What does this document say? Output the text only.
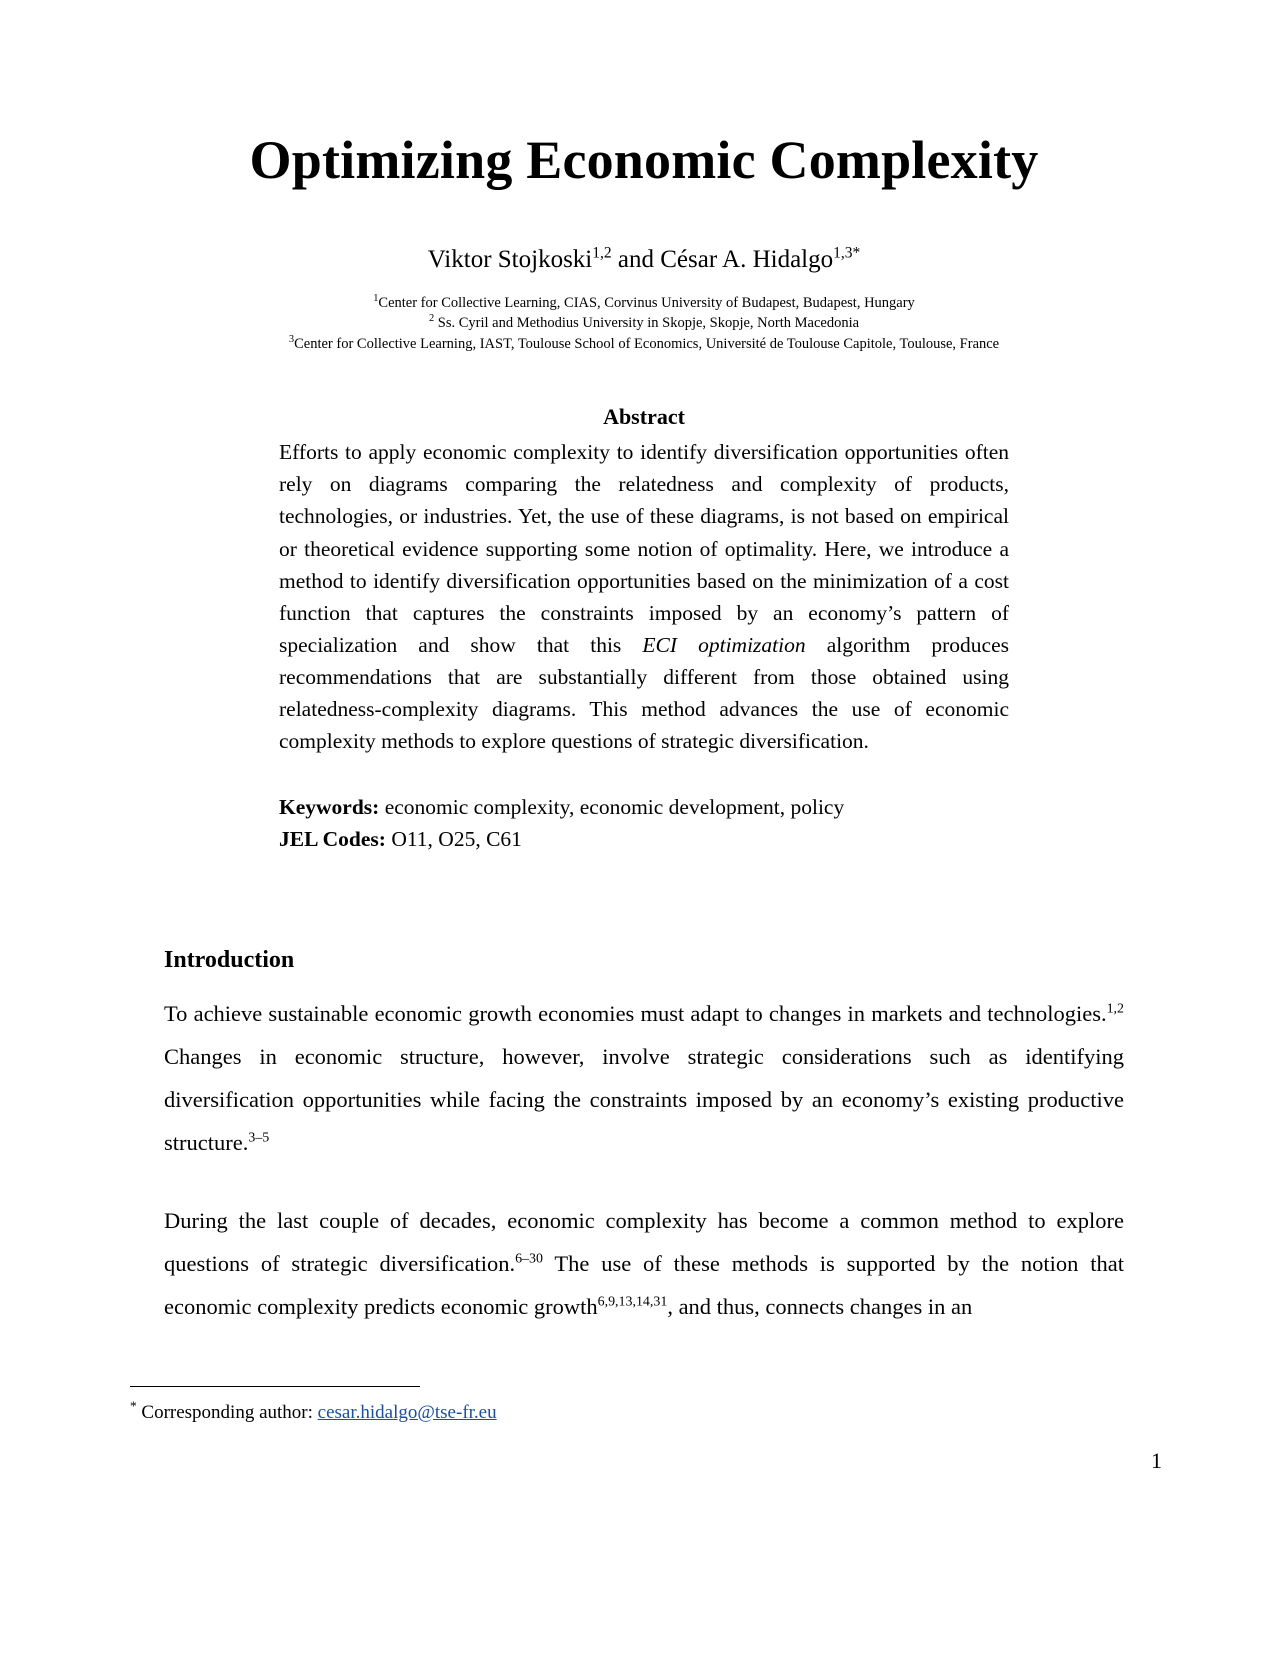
Optimizing Economic Complexity
Viktor Stojkoski$^{1,2}$ and César A. Hidalgo$^{1,3*}$
$^1$Center for Collective Learning, CIAS, Corvinus University of Budapest, Budapest, Hungary
$^2$ Ss. Cyril and Methodius University in Skopje, Skopje, North Macedonia
$^3$Center for Collective Learning, IAST, Toulouse School of Economics, Université de Toulouse Capitole, Toulouse, France
Abstract

Efforts to apply economic complexity to identify diversification opportunities often rely on diagrams comparing the relatedness and complexity of products, technologies, or industries. Yet, the use of these diagrams, is not based on empirical or theoretical evidence supporting some notion of optimality. Here, we introduce a method to identify diversification opportunities based on the minimization of a cost function that captures the constraints imposed by an economy’s pattern of specialization and show that this ECI optimization algorithm produces recommendations that are substantially different from those obtained using relatedness-complexity diagrams. This method advances the use of economic complexity methods to explore questions of strategic diversification.

Keywords: economic complexity, economic development, policy
JEL Codes: O11, O25, C61
Introduction

To achieve sustainable economic growth economies must adapt to changes in markets and technologies.$^{1,2}$ Changes in economic structure, however, involve strategic considerations such as identifying diversification opportunities while facing the constraints imposed by an economy’s existing productive structure.$^{3-5}$

During the last couple of decades, economic complexity has become a common method to explore questions of strategic diversification.$^{6-30}$ The use of these methods is supported by the notion that economic complexity predicts economic growth$^{6,9,13,14,31}$, and thus, connects changes in an

* Corresponding author: cesar.hidalgo@tse-fr.eu
1
